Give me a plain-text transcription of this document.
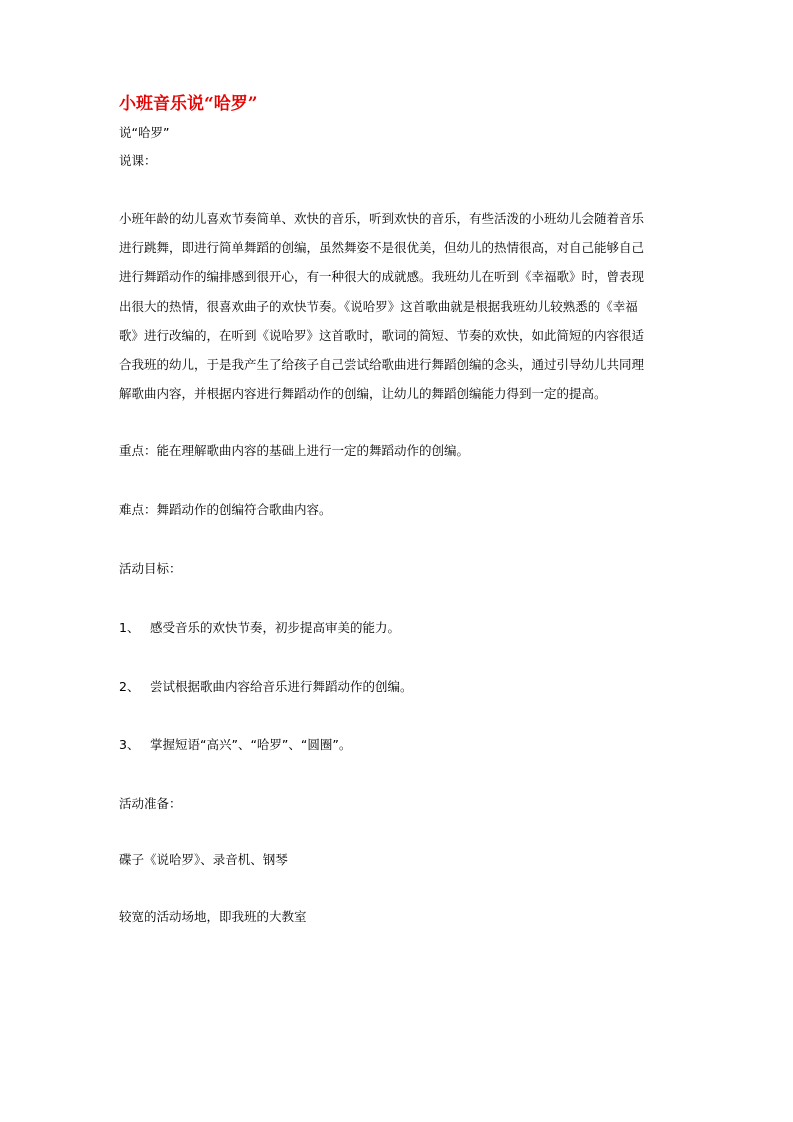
小班音乐说“哈罗”
说“哈罗”
说课：
小班年龄的幼儿喜欢节奏简单、欢快的音乐，听到欢快的音乐，有些活泼的小班幼儿会随着音乐
进行跳舞，即进行简单舞蹈的创编，虽然舞姿不是很优美，但幼儿的热情很高，对自己能够自己
进行舞蹈动作的编排感到很开心，有一种很大的成就感。我班幼儿在听到《幸福歌》时，曾表现
出很大的热情，很喜欢曲子的欢快节奏。《说哈罗》这首歌曲就是根据我班幼儿较熟悉的《幸福
歌》进行改编的，在听到《说哈罗》这首歌时，歌词的简短、节奏的欢快，如此简短的内容很适
合我班的幼儿，于是我产生了给孩子自己尝试给歌曲进行舞蹈创编的念头，通过引导幼儿共同理
解歌曲内容，并根据内容进行舞蹈动作的创编，让幼儿的舞蹈创编能力得到一定的提高。
重点：能在理解歌曲内容的基础上进行一定的舞蹈动作的创编。
难点：舞蹈动作的创编符合歌曲内容。
活动目标：
1、 感受音乐的欢快节奏，初步提高审美的能力。
2、 尝试根据歌曲内容给音乐进行舞蹈动作的创编。
3、 掌握短语“高兴”、“哈罗”、“圆圈”。
活动准备：
碟子《说哈罗》、录音机、钢琴
较宽的活动场地，即我班的大教室
